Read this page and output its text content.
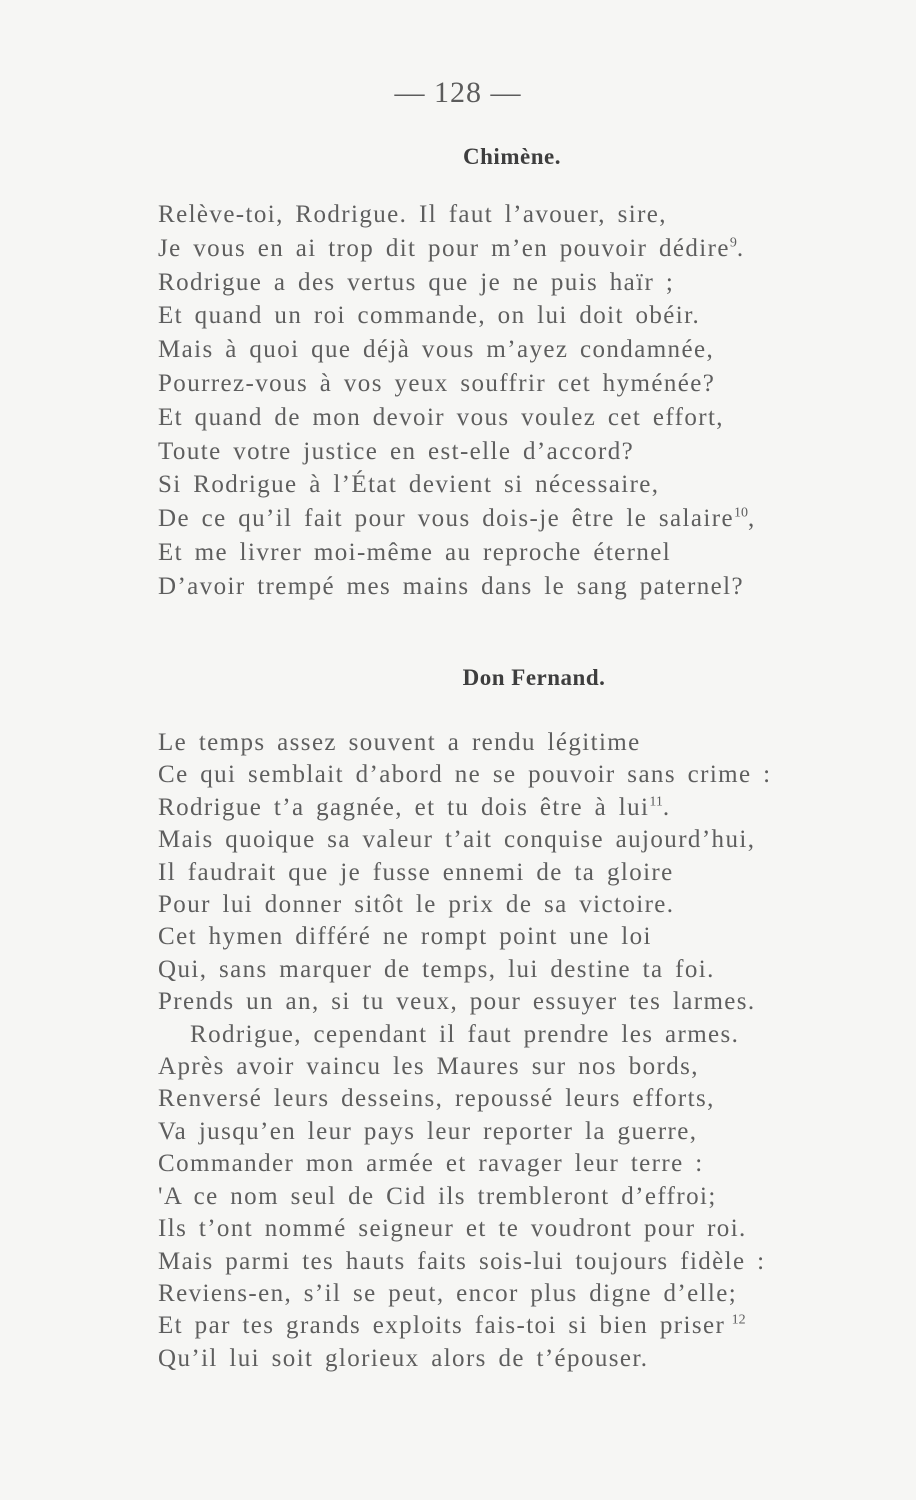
— 128 —
Chimène.
Relève-toi, Rodrigue. Il faut l’avouer, sire,
Je vous en ai trop dit pour m’en pouvoir dédire$^9$.
Rodrigue a des vertus que je ne puis haïr ;
Et quand un roi commande, on lui doit obéir.
Mais à quoi que déjà vous m’ayez condamnée,
Pourrez-vous à vos yeux souffrir cet hyménée?
Et quand de mon devoir vous voulez cet effort,
Toute votre justice en est-elle d’accord?
Si Rodrigue à l’État devient si nécessaire,
De ce qu’il fait pour vous dois-je être le salaire$^{10}$,
Et me livrer moi-même au reproche éternel
D’avoir trempé mes mains dans le sang paternel?
Don Fernand.
Le temps assez souvent a rendu légitime
Ce qui semblait d’abord ne se pouvoir sans crime :
Rodrigue t’a gagnée, et tu dois être à lui$^{11}$.
Mais quoique sa valeur t’ait conquise aujourd’hui,
Il faudrait que je fusse ennemi de ta gloire
Pour lui donner sitôt le prix de sa victoire.
Cet hymen différé ne rompt point une loi
Qui, sans marquer de temps, lui destine ta foi.
Prends un an, si tu veux, pour essuyer tes larmes.
Rodrigue, cependant il faut prendre les armes.
Après avoir vaincu les Maures sur nos bords,
Renversé leurs desseins, repoussé leurs efforts,
Va jusqu’en leur pays leur reporter la guerre,
Commander mon armée et ravager leur terre :
'A ce nom seul de Cid ils trembleront d’effroi;
Ils t’ont nommé seigneur et te voudront pour roi.
Mais parmi tes hauts faits sois-lui toujours fidèle :
Reviens-en, s’il se peut, encor plus digne d’elle;
Et par tes grands exploits fais-toi si bien priser  $^{12}$
Qu’il lui soit glorieux alors de t’épouser.
